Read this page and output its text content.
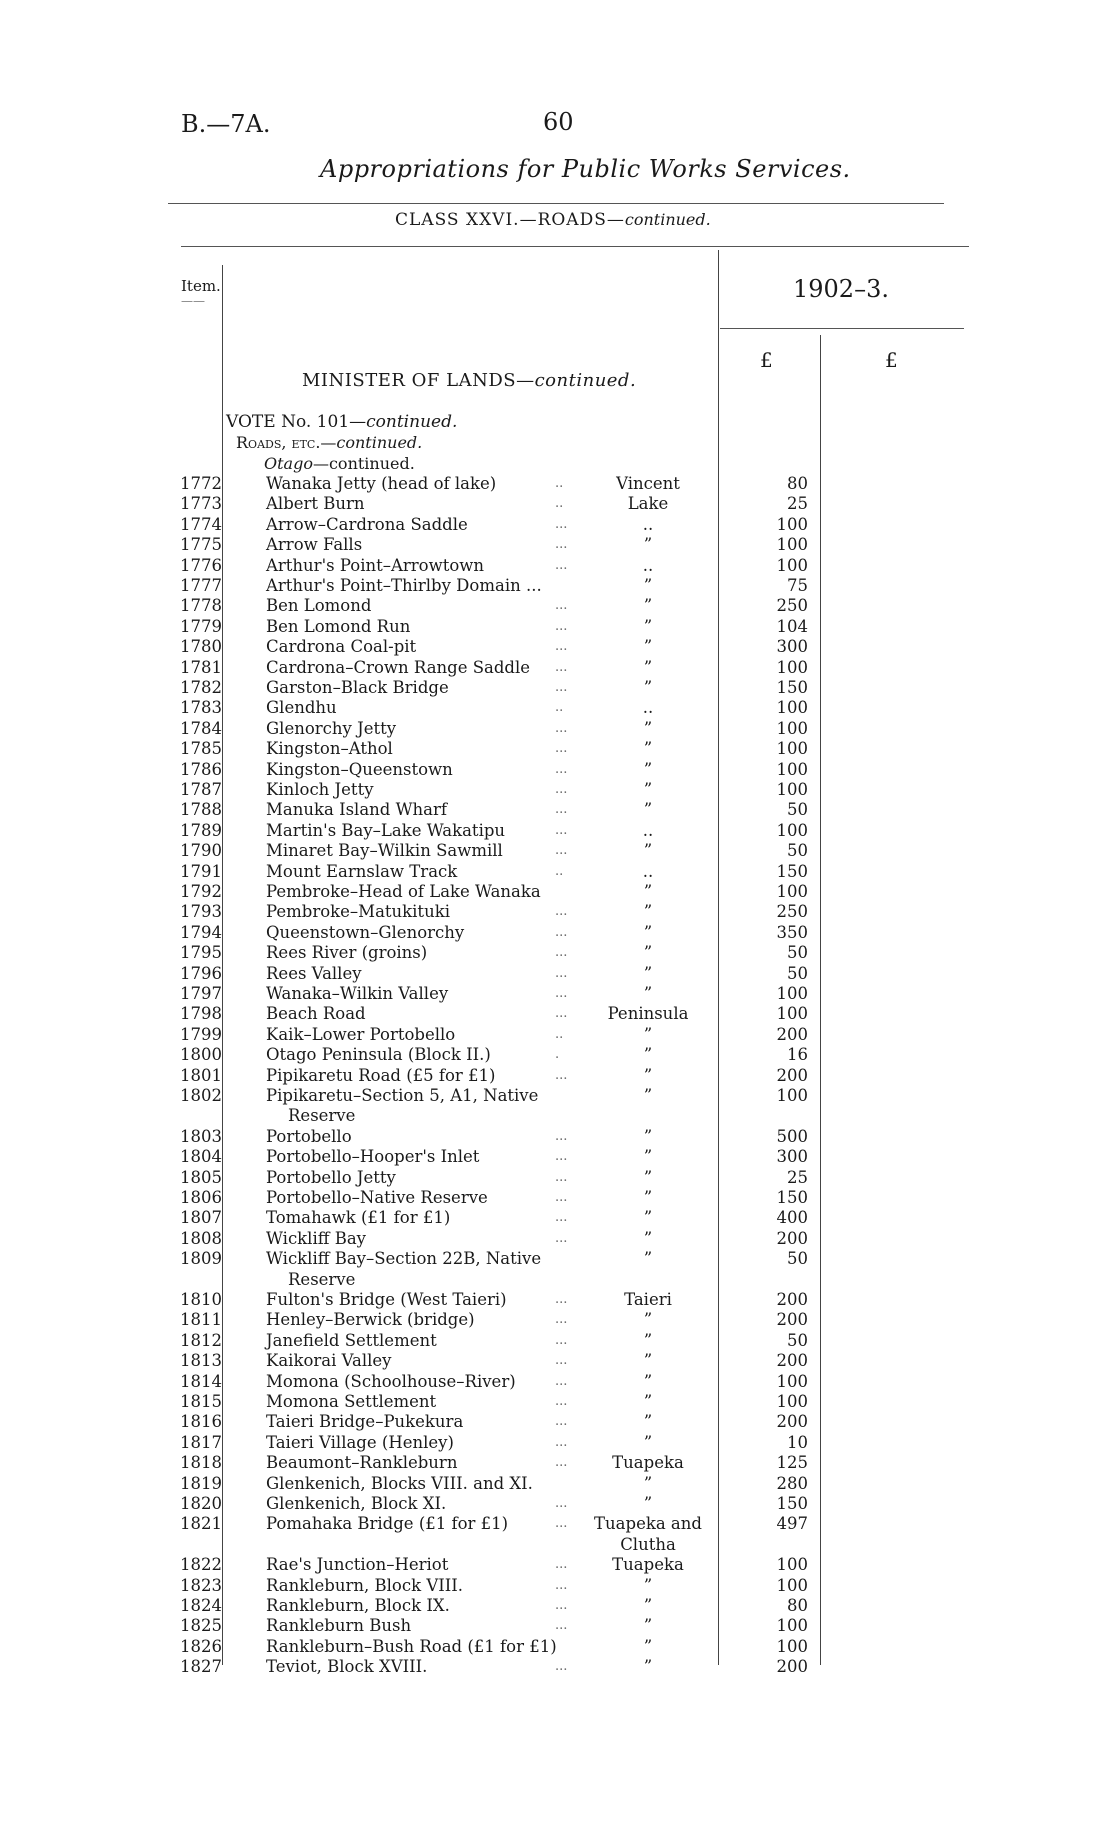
B.—7A.	60
Appropriations for Public Works Services.
CLASS XXVI.—ROADS—continued.
Item.
——	1902–3.
£	£
MINISTER OF LANDS—continued.
VOTE No. 101—continued.
Roads, etc.—continued.
Otago—continued.
1772	Wanaka Jetty (head of lake)	..	Vincent	80
1773	Albert Burn	..	Lake	25
1774	Arrow–Cardrona Saddle	...	..	100
1775	Arrow Falls	...	”	100
1776	Arthur's Point–Arrowtown	...	..	100
1777	Arthur's Point–Thirlby Domain ...	”	75
1778	Ben Lomond	...	”	250
1779	Ben Lomond Run	...	”	104
1780	Cardrona Coal-pit	...	”	300
1781	Cardrona–Crown Range Saddle ...	”	100
1782	Garston–Black Bridge	...	”	150
1783	Glendhu	..	..	100
1784	Glenorchy Jetty	...	”	100
1785	Kingston–Athol	...	”	100
1786	Kingston–Queenstown	...	”	100
1787	Kinloch Jetty	...	”	100
1788	Manuka Island Wharf	...	”	50
1789	Martin's Bay–Lake Wakatipu	...	..	100
1790	Minaret Bay–Wilkin Sawmill	...	”	50
1791	Mount Earnslaw Track	..	..	150
1792	Pembroke–Head of Lake Wanaka	”	100
1793	Pembroke–Matukituki	...	”	250
1794	Queenstown–Glenorchy	...	”	350
1795	Rees River (groins)	...	”	50
1796	Rees Valley	...	”	50
1797	Wanaka–Wilkin Valley	...	”	100
1798	Beach Road	...	Peninsula	100
1799	Kaik–Lower Portobello	..	”	200
1800	Otago Peninsula (Block II.)	.	”	16
1801	Pipikaretu Road (£5 for £1)	...	”	200
1802	Pipikaretu–Section 5, A1, Native	”	100
Reserve
1803	Portobello	...	”	500
1804	Portobello–Hooper's Inlet	...	”	300
1805	Portobello Jetty	...	”	25
1806	Portobello–Native Reserve	...	”	150
1807	Tomahawk (£1 for £1)	...	”	400
1808	Wickliff Bay	...	”	200
1809	Wickliff Bay–Section 22B, Native	”	50
Reserve
1810	Fulton's Bridge (West Taieri)	...	Taieri	200
1811	Henley–Berwick (bridge)	...	”	200
1812	Janefield Settlement	...	”	50
1813	Kaikorai Valley	...	”	200
1814	Momona (Schoolhouse–River)	...	”	100
1815	Momona Settlement	...	”	100
1816	Taieri Bridge–Pukekura	...	”	200
1817	Taieri Village (Henley)	...	”	10
1818	Beaumont–Rankleburn	...	Tuapeka	125
1819	Glenkenich, Blocks VIII. and XI.	”	280
1820	Glenkenich, Block XI.	...	”	150
1821	Pomahaka Bridge (£1 for £1)	...	Tuapeka and	497
Clutha
1822	Rae's Junction–Heriot	...	Tuapeka	100
1823	Rankleburn, Block VIII.	...	”	100
1824	Rankleburn, Block IX.	...	”	80
1825	Rankleburn Bush	...	”	100
1826	Rankleburn–Bush Road (£1 for £1)	”	100
1827	Teviot, Block XVIII.	...	”	200
